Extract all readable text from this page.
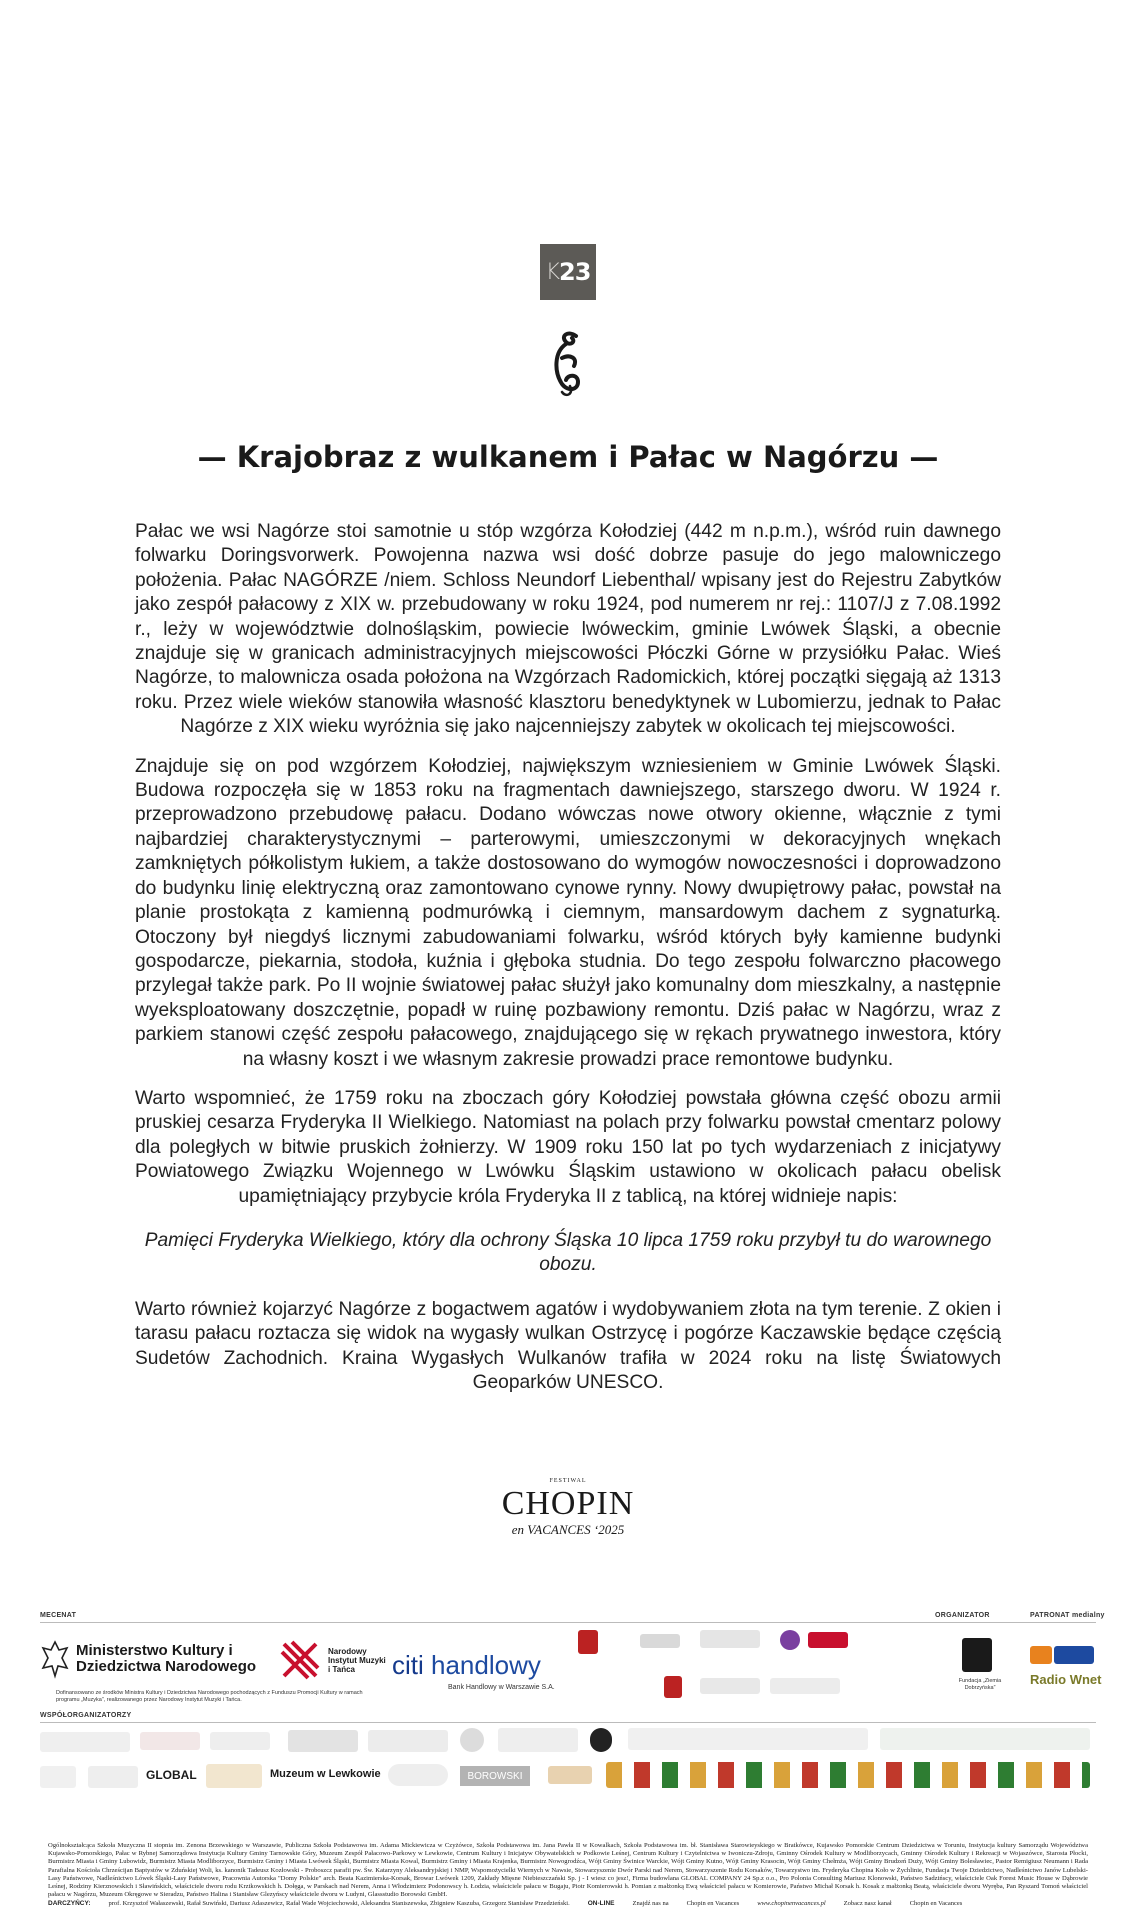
K 23
— Krajobraz z wulkanem i Pałac w Nagórzu —

Pałac we wsi Nagórze stoi samotnie u stóp wzgórza Kołodziej (442 m n.p.m.), wśród ruin dawnego folwarku Doringsvorwerk. Powojenna nazwa wsi dość dobrze pasuje do jego malowniczego położenia. Pałac NAGÓRZE /niem. Schloss Neundorf Liebenthal/ wpisany jest do Rejestru Zabytków jako zespół pałacowy z XIX w. przebudowany w roku 1924, pod numerem nr rej.: 1107/J z 7.08.1992 r., leży w województwie dolnośląskim, powiecie lwóweckim, gminie Lwówek Śląski, a obecnie znajduje się w granicach administracyjnych miejscowości Płóczki Górne w przysiółku Pałac. Wieś Nagórze, to malownicza osada położona na Wzgórzach Radomickich, której początki sięgają aż 1313 roku. Przez wiele wieków stanowiła własność klasztoru benedyktynek w Lubomierzu, jednak to Pałac Nagórze z XIX wieku wyróżnia się jako najcenniejszy zabytek w okolicach tej miejscowości.

Znajduje się on pod wzgórzem Kołodziej, największym wzniesieniem w Gminie Lwówek Śląski. Budowa rozpoczęła się w 1853 roku na fragmentach dawniejszego, starszego dworu. W 1924 r. przeprowadzono przebudowę pałacu. Dodano wówczas nowe otwory okienne, włącznie z tymi najbardziej charakterystycznymi – parterowymi, umieszczonymi w dekoracyjnych wnękach zamkniętych półkolistym łukiem, a także dostosowano do wymogów nowoczesności i doprowadzono do budynku linię elektryczną oraz zamontowano cynowe rynny. Nowy dwupiętrowy pałac, powstał na planie prostokąta z kamienną podmurówką i ciemnym, mansardowym dachem z sygnaturką. Otoczony był niegdyś licznymi zabudowaniami folwarku, wśród których były kamienne budynki gospodarcze, piekarnia, stodoła, kuźnia i głęboka studnia. Do tego zespołu folwarczno płacowego przylegał także park. Po II wojnie światowej pałac służył jako komunalny dom mieszkalny, a następnie wyeksploatowany doszczętnie, popadł w ruinę pozbawiony remontu. Dziś pałac w Nagórzu, wraz z parkiem stanowi część zespołu pałacowego, znajdującego się w rękach prywatnego inwestora, który na własny koszt i we własnym zakresie prowadzi prace remontowe budynku.

Warto wspomnieć, że 1759 roku na zboczach góry Kołodziej powstała główna część obozu armii pruskiej cesarza Fryderyka II Wielkiego. Natomiast na polach przy folwarku powstał cmentarz polowy dla poległych w bitwie pruskich żołnierzy. W 1909 roku 150 lat po tych wydarzeniach z inicjatywy Powiatowego Związku Wojennego w Lwówku Śląskim ustawiono w okolicach pałacu obelisk upamiętniający przybycie króla Fryderyka II z tablicą, na której widnieje napis:

Pamięci Fryderyka Wielkiego, który dla ochrony Śląska 10 lipca 1759 roku przybył tu do warownego obozu.

Warto również kojarzyć Nagórze z bogactwem agatów i wydobywaniem złota na tym terenie. Z okien i tarasu pałacu roztacza się widok na wygasły wulkan Ostrzycę i pogórze Kaczawskie będące częścią Sudetów Zachodnich. Kraina Wygasłych Wulkanów trafiła w 2024 roku na listę Światowych Geoparków UNESCO.

FESTIWAL
CHOPIN
en VACANCES ‘2025
MECENAT	ORGANIZATOR	PATRONAT medialny
Ministerstwo Kultury i Dziedzictwa Narodowego
Dofinansowano ze środków Ministra Kultury i Dziedzictwa Narodowego pochodzących z Funduszu Promocji Kultury w ramach programu „Muzyka”, realizowanego przez Narodowy Instytut Muzyki i Tańca.
Narodowy Instytut Muzyki i Tańca	citi
handlowy
Bank Handlowy w Warszawie S.A.
Fundacja „Ziemia Dobrzyńska”
Radio Wnet
WSPÓŁORGANIZATORZY
GLOBAL	Muzeum w Lewkowie	BOROWSKI
Ogólnokształcąca Szkoła Muzyczna II stopnia im. Zenona Brzewskiego w Warszawie, Publiczna Szkoła Podstawowa im. Adama Mickiewicza w Czyżówce, Szkoła Podstawowa im. Jana Pawła II w Kowalkach, Szkoła Podstawowa im. bł. Stanisława Starowieyskiego w Bratkówce, Kujawsko Pomorskie Centrum Dziedzictwa w Toruniu, Instytucja kultury Samorządu Województwa Kujawsko-Pomorskiego, Pałac w Rybnej Samorządowa Instytucja Kultury Gminy Tarnowskie Góry, Muzeum Zespół Pałacowo-Parkowy w Lewkowie, Centrum Kultury i Inicjatyw Obywatelskich w Podkowie Leśnej, Centrum Kultury i Czytelnictwa w Iwoniczu-Zdroju, Gminny Ośrodek Kultury w Modliborzycach, Gminny Ośrodek Kultury i Rekreacji w Wojaszówce, Starosta Płocki, Burmistrz Miasta i Gminy Lubowidz, Burmistrz Miasta Modliborzyce, Burmistrz Gminy i Miasta Lwówek Śląski, Burmistrz Miasta Kowal, Burmistrz Gminy i Miasta Krajenka, Burmistrz Nowogrodźca, Wójt Gminy Świnice Warckie, Wójt Gminy Kutno, Wójt Gminy Krasocin, Wójt Gminy Chełmża, Wójt Gminy Brudzeń Duży, Wójt Gminy Bolesławiec, Pastor Remigiusz Neumann i Rada Parafialna Kościoła Chrześcijan Baptystów w Zduńskiej Woli, ks. kanonik Tadeusz Kozłowski - Proboszcz parafii pw. Św. Katarzyny Aleksandryjskiej i NMP, Wspomożycielki Wiernych w Nawsie, Stowarzyszenie Dwór Parski nad Nerem, Stowarzyszenie Rodu Korsaków, Towarzystwo im. Fryderyka Chopina Koło w Żychlinie, Fundacja Twoje Dziedzictwo, Nadleśnictwo Janów Lubelski-Lasy Państwowe, Nadleśnictwo Lówek Śląski-Lasy Państwowe, Pracownia Autorska "Domy Polskie" arch. Beata Kazimierska-Korsak, Browar Lwówek 1209, Zakłady Mięsne Niebieszczański Sp. j - I wiesz co jesz!, Firma budowlana GLOBAL COMPANY 24 Sp.z o.o., Pro Polonia Consulting Mariusz Klonowski, Państwo Sadzińscy, właściciele Oak Forest Music House w Dąbrowie Leśnej, Rodziny Kierznowskich i Sławińskich, właściciele dworu rodu Krztkowskich h. Dołęga, w Parskach nad Nerem, Anna i Włodzimierz Podonowscy h. Łodzia, właściciele pałacu w Bugaju, Piotr Komierowski h. Pomian z małżonką Ewą właściciel pałacu w Komierowie, Państwo Michał Korsak h. Kosak z małżonką Beatą, właściciele dworu Wyręba, Pan Ryszard Tomoń właściciel pałacu w Nagórzu, Muzeum Okręgowe w Sieradzu, Państwo Halina i Stanisław Glezyńscy właściciele dworu w Ludyni, Glassstudio Borowski GmbH.
DARCZYŃCY:	prof. Krzysztof Wałaszewski, Rafał Suwiński, Dariusz Adaszewicz, Rafał Wade Wojciechowski, Aleksandra Staniszewska, Zbigniew Kaszuba, Grzegorz Stanisław Przedzieński.	ON-LINE	Znajdź nas na	Chopin en Vacances	www.chopinenvacances.pl	Zobacz nasz kanał	Chopin en Vacances
